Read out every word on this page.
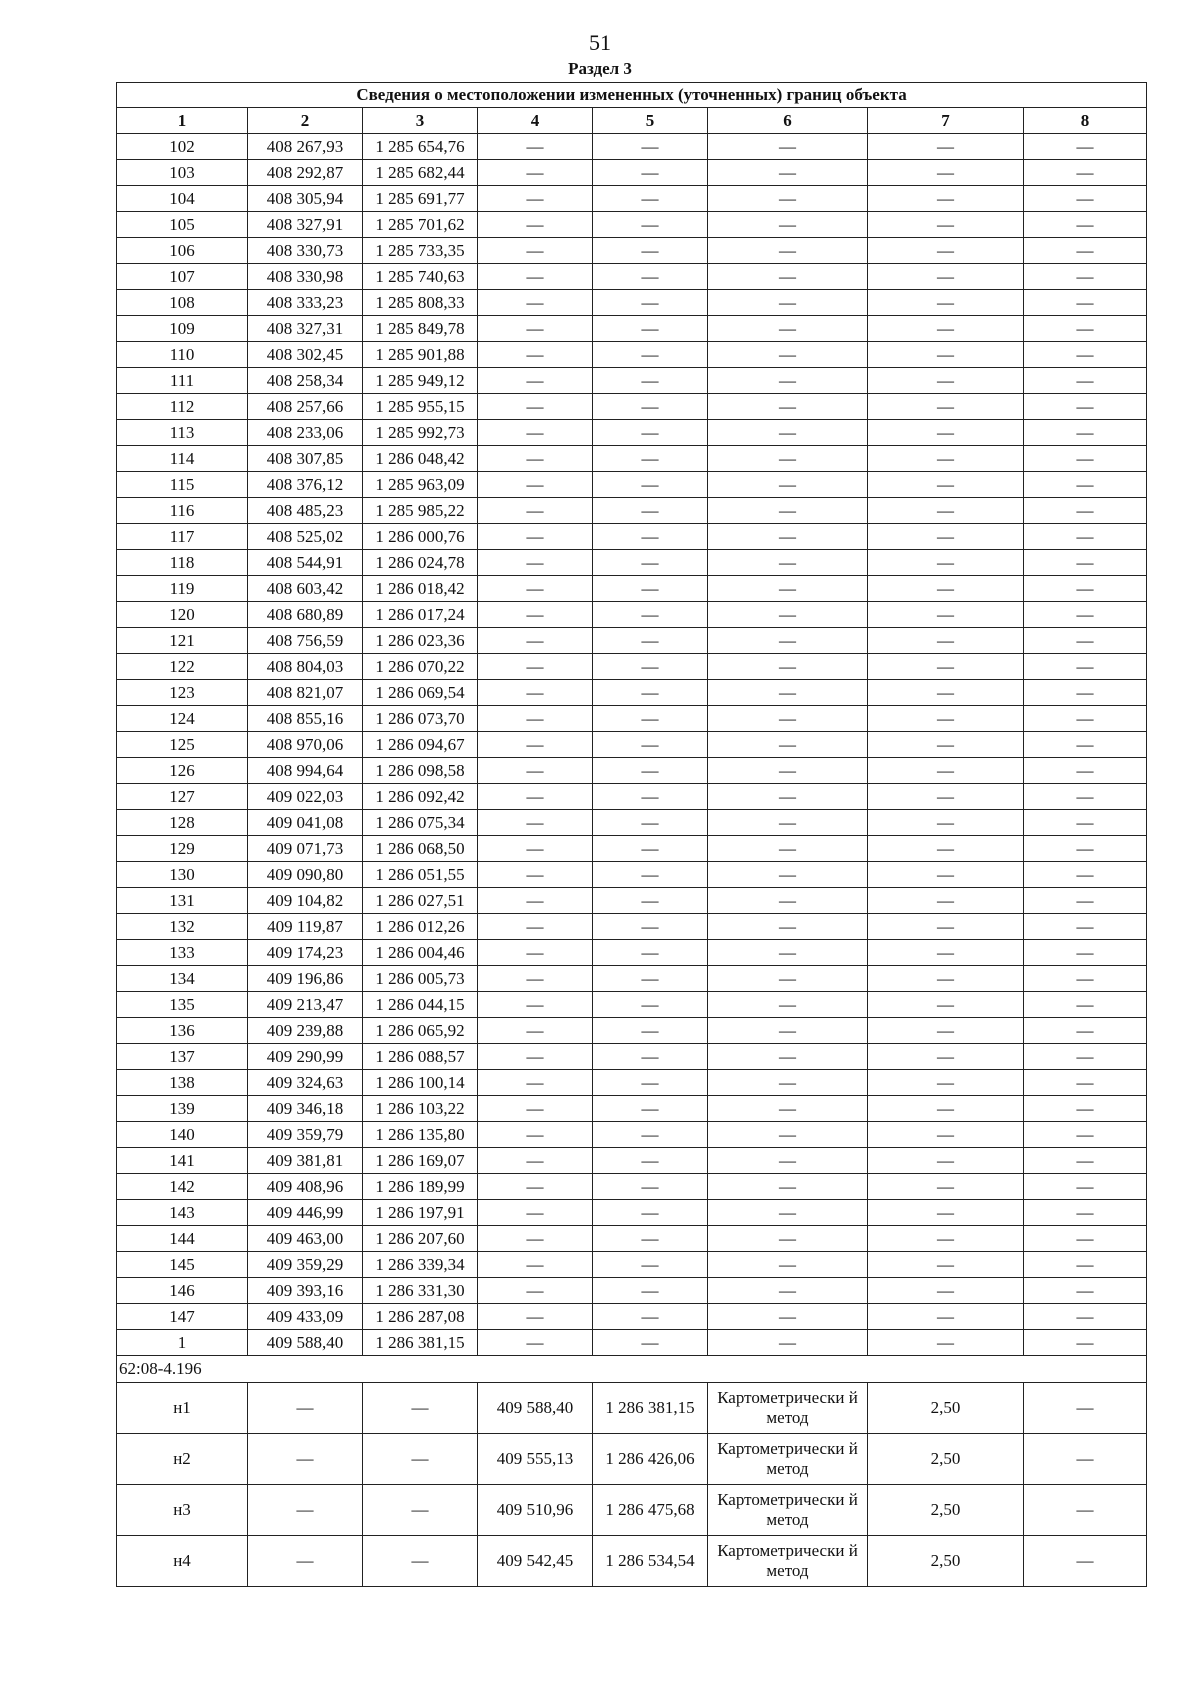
51
Раздел 3
Сведения о местоположении измененных (уточненных) границ объекта							
1	2	3	4	5	6	7	8
102	408 267,93	1 285 654,76	—	—	—	—	—
103	408 292,87	1 285 682,44	—	—	—	—	—
104	408 305,94	1 285 691,77	—	—	—	—	—
105	408 327,91	1 285 701,62	—	—	—	—	—
106	408 330,73	1 285 733,35	—	—	—	—	—
107	408 330,98	1 285 740,63	—	—	—	—	—
108	408 333,23	1 285 808,33	—	—	—	—	—
109	408 327,31	1 285 849,78	—	—	—	—	—
110	408 302,45	1 285 901,88	—	—	—	—	—
111	408 258,34	1 285 949,12	—	—	—	—	—
112	408 257,66	1 285 955,15	—	—	—	—	—
113	408 233,06	1 285 992,73	—	—	—	—	—
114	408 307,85	1 286 048,42	—	—	—	—	—
115	408 376,12	1 285 963,09	—	—	—	—	—
116	408 485,23	1 285 985,22	—	—	—	—	—
117	408 525,02	1 286 000,76	—	—	—	—	—
118	408 544,91	1 286 024,78	—	—	—	—	—
119	408 603,42	1 286 018,42	—	—	—	—	—
120	408 680,89	1 286 017,24	—	—	—	—	—
121	408 756,59	1 286 023,36	—	—	—	—	—
122	408 804,03	1 286 070,22	—	—	—	—	—
123	408 821,07	1 286 069,54	—	—	—	—	—
124	408 855,16	1 286 073,70	—	—	—	—	—
125	408 970,06	1 286 094,67	—	—	—	—	—
126	408 994,64	1 286 098,58	—	—	—	—	—
127	409 022,03	1 286 092,42	—	—	—	—	—
128	409 041,08	1 286 075,34	—	—	—	—	—
129	409 071,73	1 286 068,50	—	—	—	—	—
130	409 090,80	1 286 051,55	—	—	—	—	—
131	409 104,82	1 286 027,51	—	—	—	—	—
132	409 119,87	1 286 012,26	—	—	—	—	—
133	409 174,23	1 286 004,46	—	—	—	—	—
134	409 196,86	1 286 005,73	—	—	—	—	—
135	409 213,47	1 286 044,15	—	—	—	—	—
136	409 239,88	1 286 065,92	—	—	—	—	—
137	409 290,99	1 286 088,57	—	—	—	—	—
138	409 324,63	1 286 100,14	—	—	—	—	—
139	409 346,18	1 286 103,22	—	—	—	—	—
140	409 359,79	1 286 135,80	—	—	—	—	—
141	409 381,81	1 286 169,07	—	—	—	—	—
142	409 408,96	1 286 189,99	—	—	—	—	—
143	409 446,99	1 286 197,91	—	—	—	—	—
144	409 463,00	1 286 207,60	—	—	—	—	—
145	409 359,29	1 286 339,34	—	—	—	—	—
146	409 393,16	1 286 331,30	—	—	—	—	—
147	409 433,09	1 286 287,08	—	—	—	—	—
1	409 588,40	1 286 381,15	—	—	—	—	—
62:08-4.196							
н1	—	—	409 588,40	1 286 381,15	Картометрически й метод	2,50	—
н2	—	—	409 555,13	1 286 426,06	Картометрически й метод	2,50	—
н3	—	—	409 510,96	1 286 475,68	Картометрически й метод	2,50	—
н4	—	—	409 542,45	1 286 534,54	Картометрически й метод	2,50	—
